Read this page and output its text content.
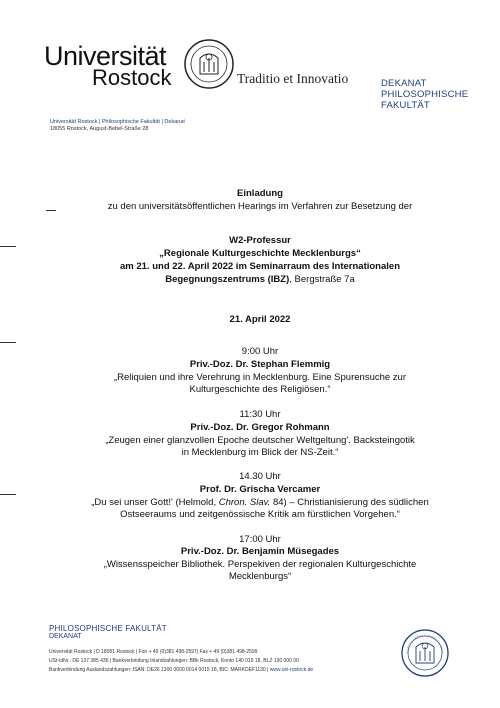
Universität
Rostock	Traditio et Innovatio	DEKANAT
PHILOSOPHISCHE
FAKULTÄT
Universität Rostock | Philosophische Fakultät | Dekanat
18055 Rostock, August-Bebel-Straße 28
Einladung
zu den universitätsöffentlichen Hearings im Verfahren zur Besetzung der
W2-Professur
„Regionale Kulturgeschichte Mecklenburgs“
am 21. und 22. April 2022 im Seminarraum des Internationalen
Begegnungszentrums (IBZ), Bergstraße 7a
21. April 2022
9:00 Uhr
Priv.-Doz. Dr. Stephan Flemmig
„Reliquien und ihre Verehrung in Mecklenburg. Eine Spurensuche zur
Kulturgeschichte des Religiösen.“
11:30 Uhr
Priv.-Doz. Dr. Gregor Rohmann
„Zeugen einer glanzvollen Epoche deutscher Weltgeltung'. Backsteingotik
in Mecklenburg im Blick der NS-Zeit.“
14.30 Uhr
Prof. Dr. Grischa Vercamer
„Du sei unser Gott!' (Helmold, Chron. Slav. 84) – Christianisierung des südlichen
Ostseeraums und zeitgenössische Kritik am fürstlichen Vorgehen.“
17:00 Uhr
Priv.-Doz. Dr. Benjamin Müsegades
„Wissensspeicher Bibliothek. Perspekiven der regionalen Kulturgeschichte
Mecklenburgs“
PHILOSOPHISCHE FAKULTÄT
DEKANAT
Universität Rostock | D 18051 Rostock | Fon + 49 (0)381 498-2597| Fax + 49 (0)381 498-2599
USt-IdNr.: DE 137 385 436 | Bankverbindung Inlandzahlungen: BBk Rostock, Konto 140 015 18, BLZ 130 000 00
Bankverbindung Auslandszahlungen: ISAN: DE26 1300 0000 0014 0015 18, BIC: MARKDEF1130 | www.uni-rostock.de
